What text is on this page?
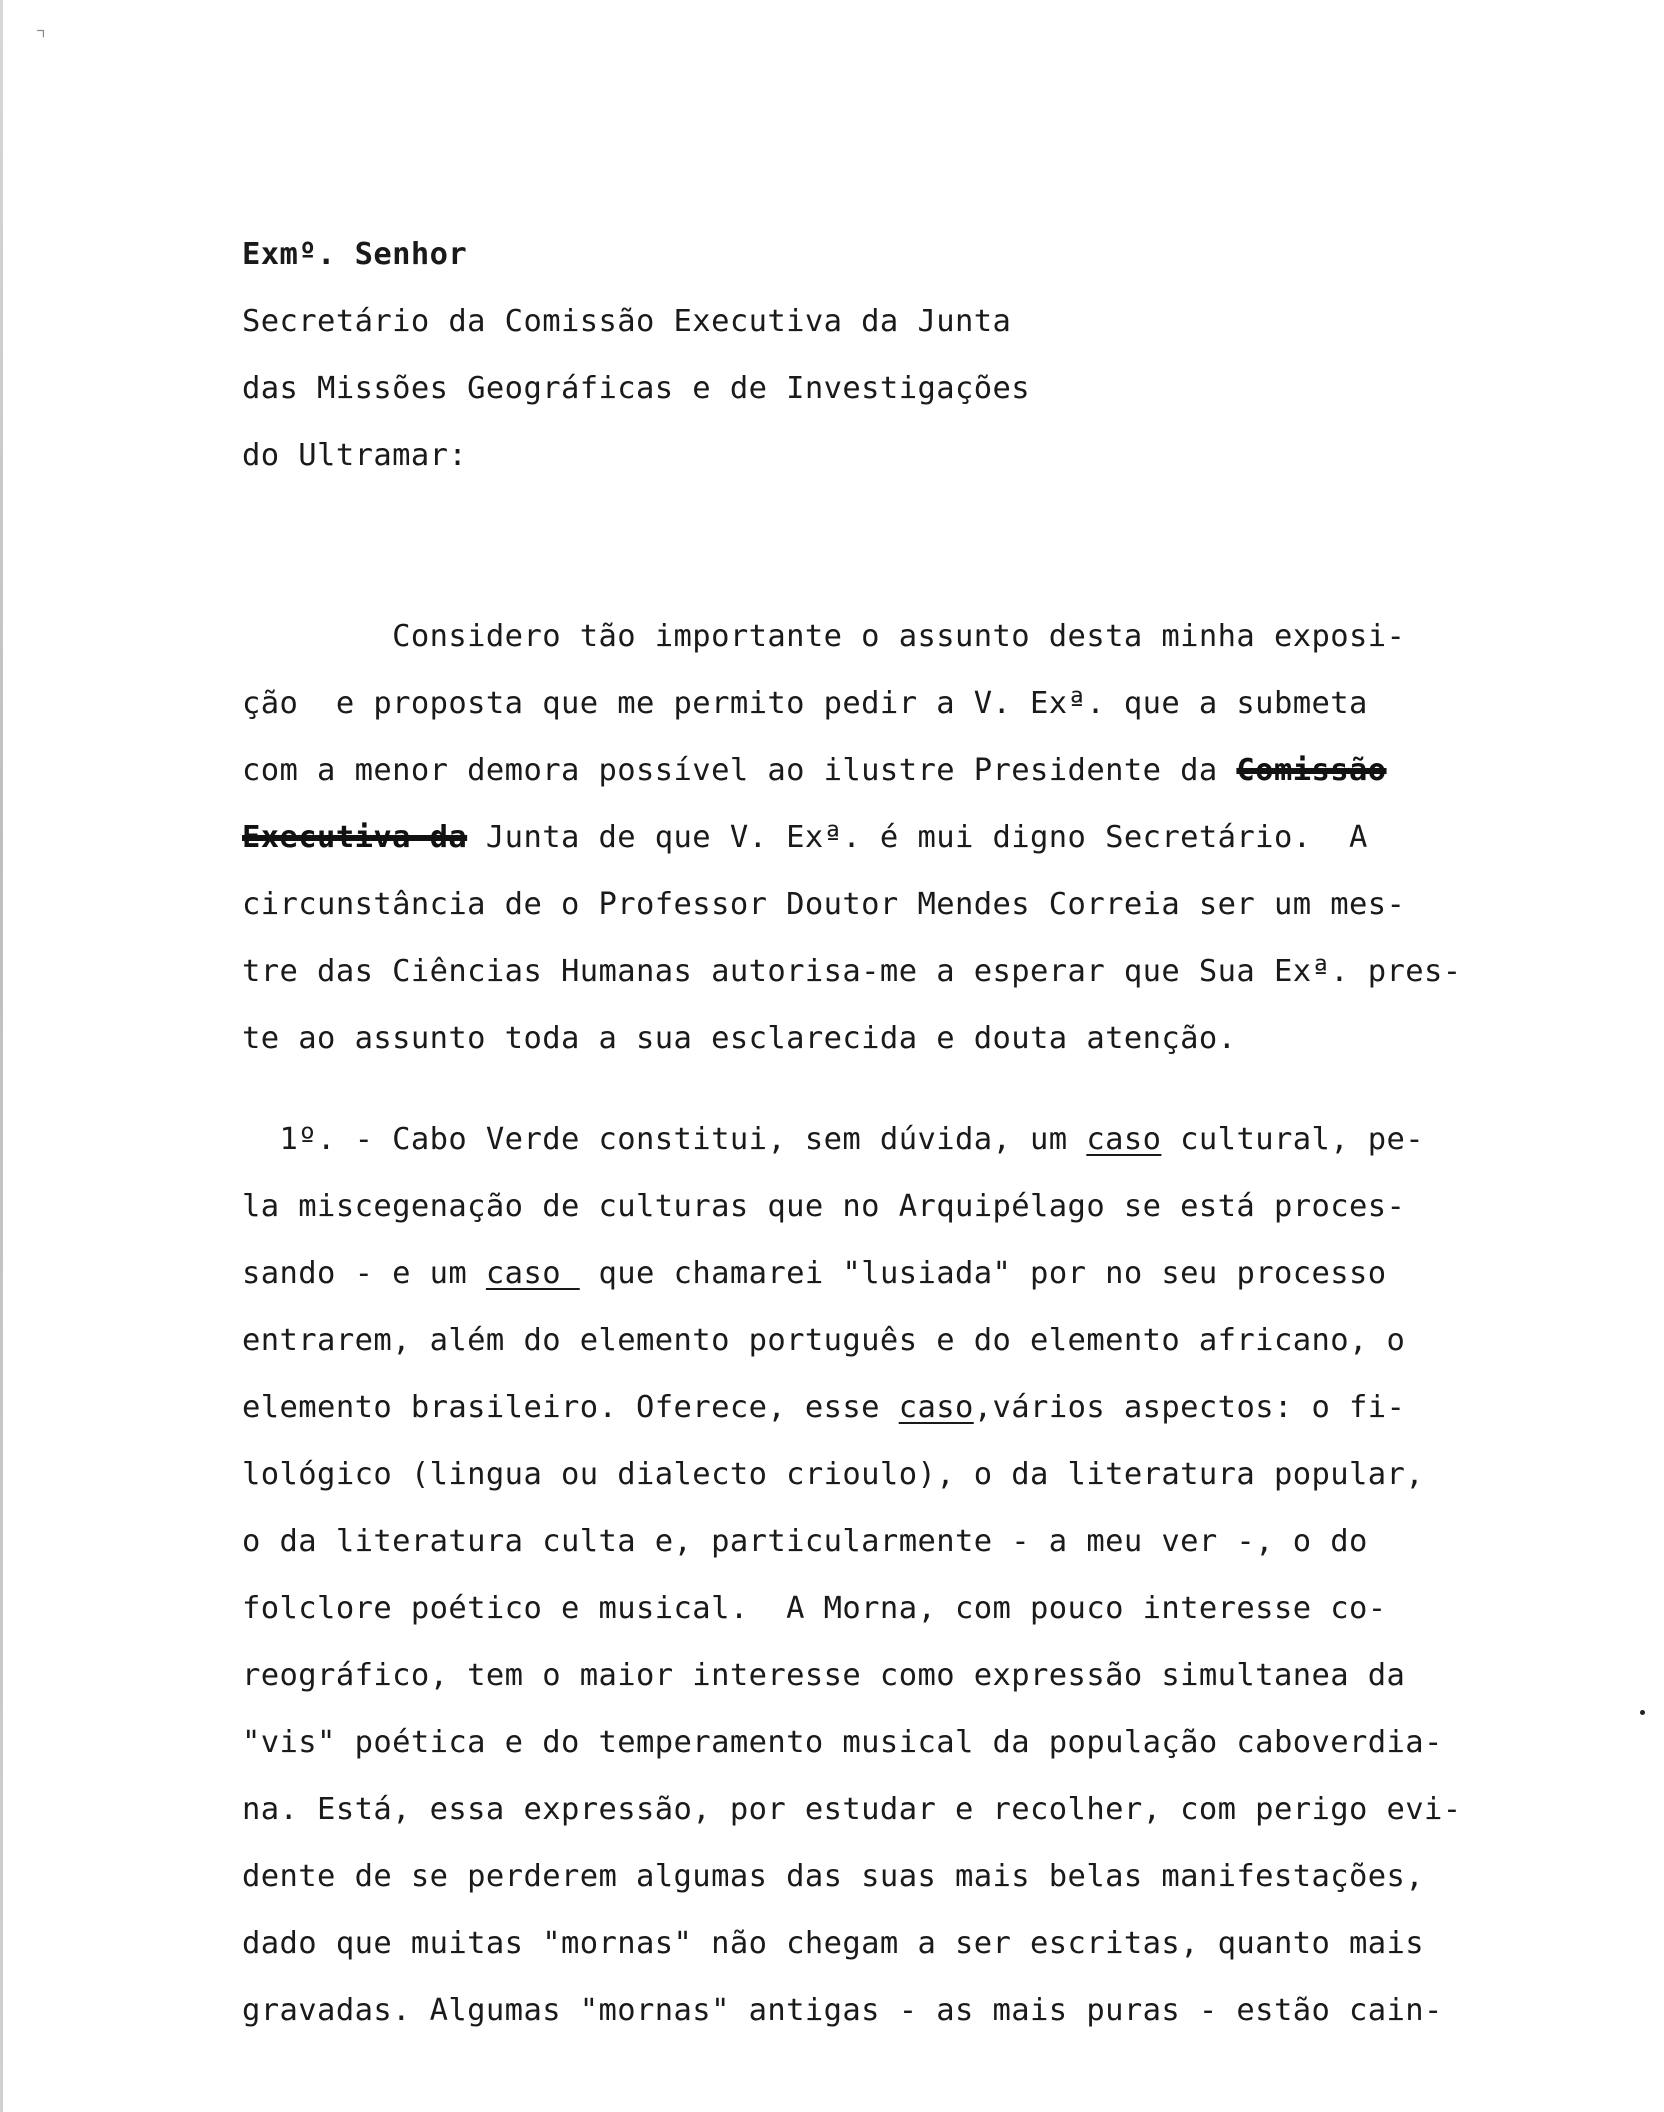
⌝
Exmº. Senhor
Secretário da Comissão Executiva da Junta
das Missões Geográficas e de Investigações
do Ultramar:
Considero tão importante o assunto desta minha exposi-
ção  e proposta que me permito pedir a V. Exª. que a submeta
com a menor demora possível ao ilustre Presidente da Comissão
Executiva da Junta de que V. Exª. é mui digno Secretário.  A
circunstância de o Professor Doutor Mendes Correia ser um mes-
tre das Ciências Humanas autorisa-me a esperar que Sua Exª. pres-
te ao assunto toda a sua esclarecida e douta atenção.
1º. - Cabo Verde constitui, sem dúvida, um caso cultural, pe-
la miscegenação de culturas que no Arquipélago se está proces-
sando - e um caso  que chamarei "lusiada" por no seu processo
entrarem, além do elemento português e do elemento africano, o
elemento brasileiro. Oferece, esse caso,vários aspectos: o fi-
lológico (lingua ou dialecto crioulo), o da literatura popular,
o da literatura culta e, particularmente - a meu ver -, o do
folclore poético e musical.  A Morna, com pouco interesse co-
reográfico, tem o maior interesse como expressão simultanea da
"vis" poética e do temperamento musical da população caboverdia-
na. Está, essa expressão, por estudar e recolher, com perigo evi-
dente de se perderem algumas das suas mais belas manifestações,
dado que muitas "mornas" não chegam a ser escritas, quanto mais
gravadas. Algumas "mornas" antigas - as mais puras - estão cain-
